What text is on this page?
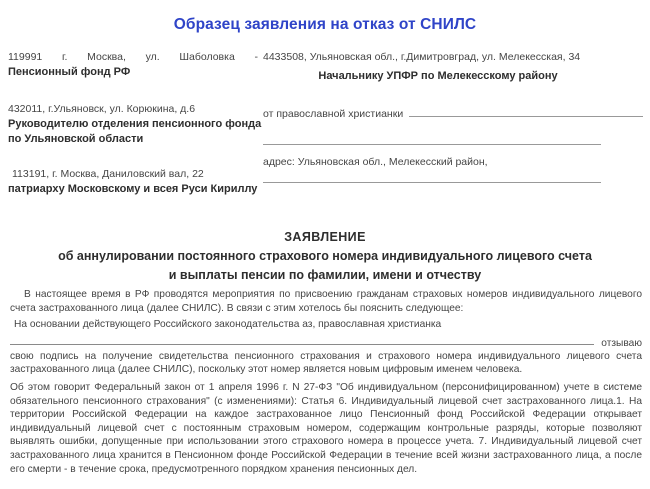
Образец заявления на отказ от СНИЛС
119991 г. Москва, ул. Шаболовка -
Пенсионный фонд РФ
432011, г.Ульяновск, ул. Корюкина, д.6
Руководителю отделения пенсионного фонда
по Ульяновской области
113191, г. Москва, Даниловский вал, 22
патриарху Московскому и всея Руси Кириллу
4433508, Ульяновская обл., г.Димитровград, ул. Мелекесская, 34
Начальнику УПФР по Мелекесскому району
от православной христианки
адрес: Ульяновская обл., Мелекесский район,
ЗАЯВЛЕНИЕ
об аннулировании постоянного страхового номера индивидуального лицевого счета
и выплаты пенсии по фамилии, имени и отчеству

В настоящее время в РФ проводятся мероприятия по присвоению гражданам страховых номеров индивидуального лицевого счета застрахованного лица (далее СНИЛС). В связи с этим хотелось бы пояснить следующее:

На основании действующего Российского законодательства аз, православная христианка

отзываю

свою подпись на получение свидетельства пенсионного страхования и страхового номера индивидуального лицевого счета застрахованного лица (далее СНИЛС), поскольку этот номер является новым цифровым именем человека.

Об этом говорит Федеральный закон от 1 апреля 1996 г. N 27-ФЗ "Об индивидуальном (персонифицированном) учете в системе обязательного пенсионного страхования" (с изменениями): Статья 6. Индивидуальный лицевой счет застрахованного лица.1. На территории Российской Федерации на каждое застрахованное лицо Пенсионный фонд Российской Федерации открывает индивидуальный лицевой счет с постоянным страховым номером, содержащим контрольные разряды, которые позволяют выявлять ошибки, допущенные при использовании этого страхового номера в процессе учета. 7. Индивидуальный лицевой счет застрахованного лица хранится в Пенсионном фонде Российской Федерации в течение всей жизни застрахованного лица, а после его смерти - в течение срока, предусмотренного порядком хранения пенсионных дел.
